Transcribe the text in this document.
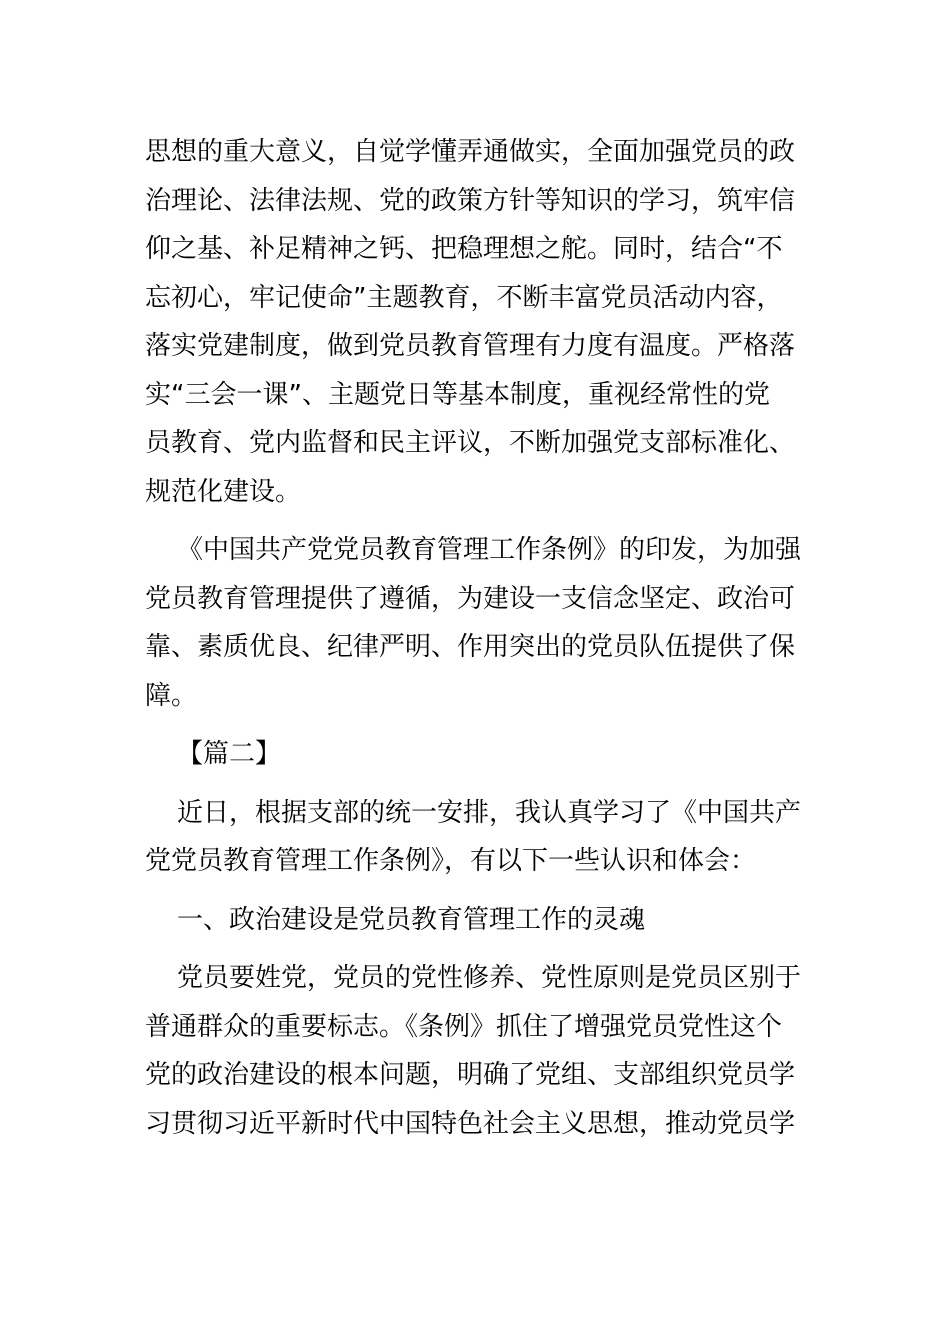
思想的重大意义，自觉学懂弄通做实，全面加强党员的政
治理论、法律法规、党的政策方针等知识的学习，筑牢信
仰之基、补足精神之钙、把稳理想之舵。同时，结合“不
忘初心，牢记使命”主题教育，不断丰富党员活动内容，
落实党建制度，做到党员教育管理有力度有温度。严格落
实“三会一课”、主题党日等基本制度，重视经常性的党
员教育、党内监督和民主评议，不断加强党支部标准化、
规范化建设。
《中国共产党党员教育管理工作条例》的印发，为加强
党员教育管理提供了遵循，为建设一支信念坚定、政治可
靠、素质优良、纪律严明、作用突出的党员队伍提供了保
障。
【篇二】
近日，根据支部的统一安排，我认真学习了《中国共产
党党员教育管理工作条例》，有以下一些认识和体会：
一、政治建设是党员教育管理工作的灵魂
党员要姓党，党员的党性修养、党性原则是党员区别于
普通群众的重要标志。《条例》抓住了增强党员党性这个
党的政治建设的根本问题，明确了党组、支部组织党员学
习贯彻习近平新时代中国特色社会主义思想，推动党员学
